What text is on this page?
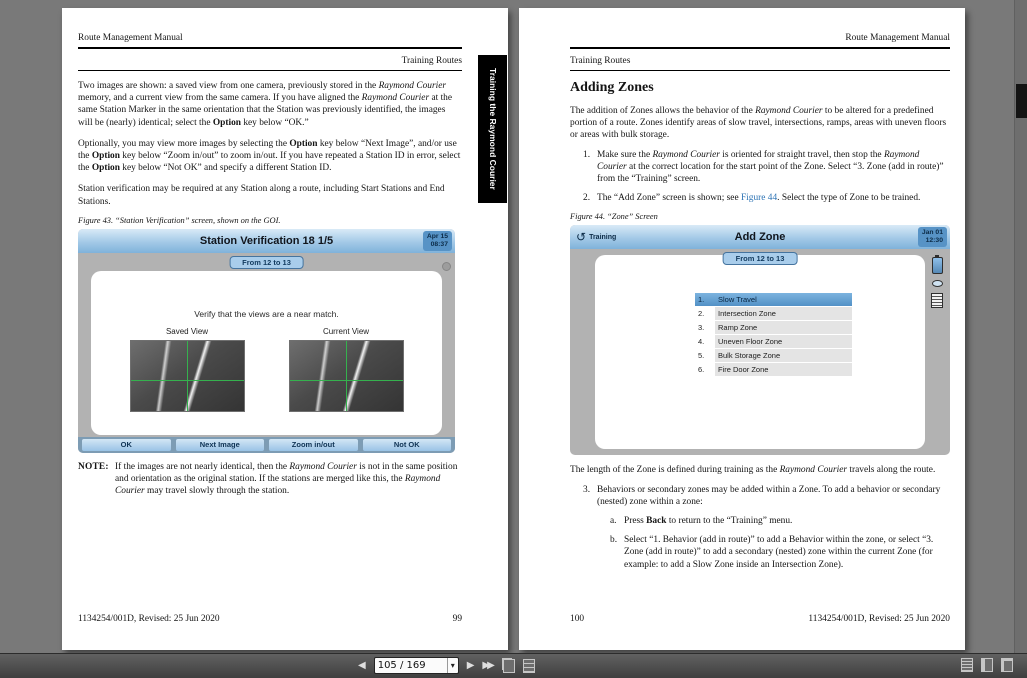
Route Management Manual
Training Routes

Two images are shown: a saved view from one camera, previously stored in the Raymond Courier memory, and a current view from the same camera. If you have aligned the Raymond Courier at the same Station Marker in the same orientation that the Station was previously identified, the images will be (nearly) identical; select the Option key below “OK.”

Optionally, you may view more images by selecting the Option key below “Next Image”, and/or use the Option key below “Zoom in/out” to zoom in/out. If you have repeated a Station ID in error, select the Option key below “Not OK” and specify a different Station ID.

Station verification may be required at any Station along a route, including Start Stations and End Stations.

Figure 43. “Station Verification” screen, shown on the GOI.
Station Verification 18 1/5	Apr 15
08:37
From 12 to 13
Verify that the views are a near match.
Saved View	Current View
OK	Next Image	Zoom in/out	Not OK
NOTE: If the images are not nearly identical, then the Raymond Courier is not in the same position and orientation as the original station. If the stations are merged like this, the Raymond Courier may travel slowly through the station.
1134254/001D, Revised: 25 Jun 2020	99
Training the Raymond Courier
Route Management Manual
Training Routes
Adding Zones

The addition of Zones allows the behavior of the Raymond Courier to be altered for a predefined portion of a route. Zones identify areas of slow travel, intersections, ramps, areas with uneven floors or areas with bulk storage.

1. Make sure the Raymond Courier is oriented for straight travel, then stop the Raymond Courier at the correct location for the start point of the Zone. Select “3. Zone (add in route)” from the “Training” screen.
2. The “Add Zone” screen is shown; see Figure 44. Select the type of Zone to be trained.
Figure 44. “Zone” Screen
Add Zone
↺ Training
Jan 01
12:30
From 12 to 13
1.	Slow Travel
2.	Intersection Zone
3.	Ramp Zone
4.	Uneven Floor Zone
5.	Bulk Storage Zone
6.	Fire Door Zone

The length of the Zone is defined during training as the Raymond Courier travels along the route.

3. Behaviors or secondary zones may be added within a Zone. To add a behavior or secondary (nested) zone within a zone:
a. Press Back to return to the “Training” menu.
b. Select “1. Behavior (add in route)” to add a Behavior within the zone, or select “3. Zone (add in route)” to add a secondary (nested) zone within the current Zone (for example: to add a Slow Zone inside an Intersection Zone).
100	1134254/001D, Revised: 25 Jun 2020
◀
105 / 169	▾	▶ ▶▶
